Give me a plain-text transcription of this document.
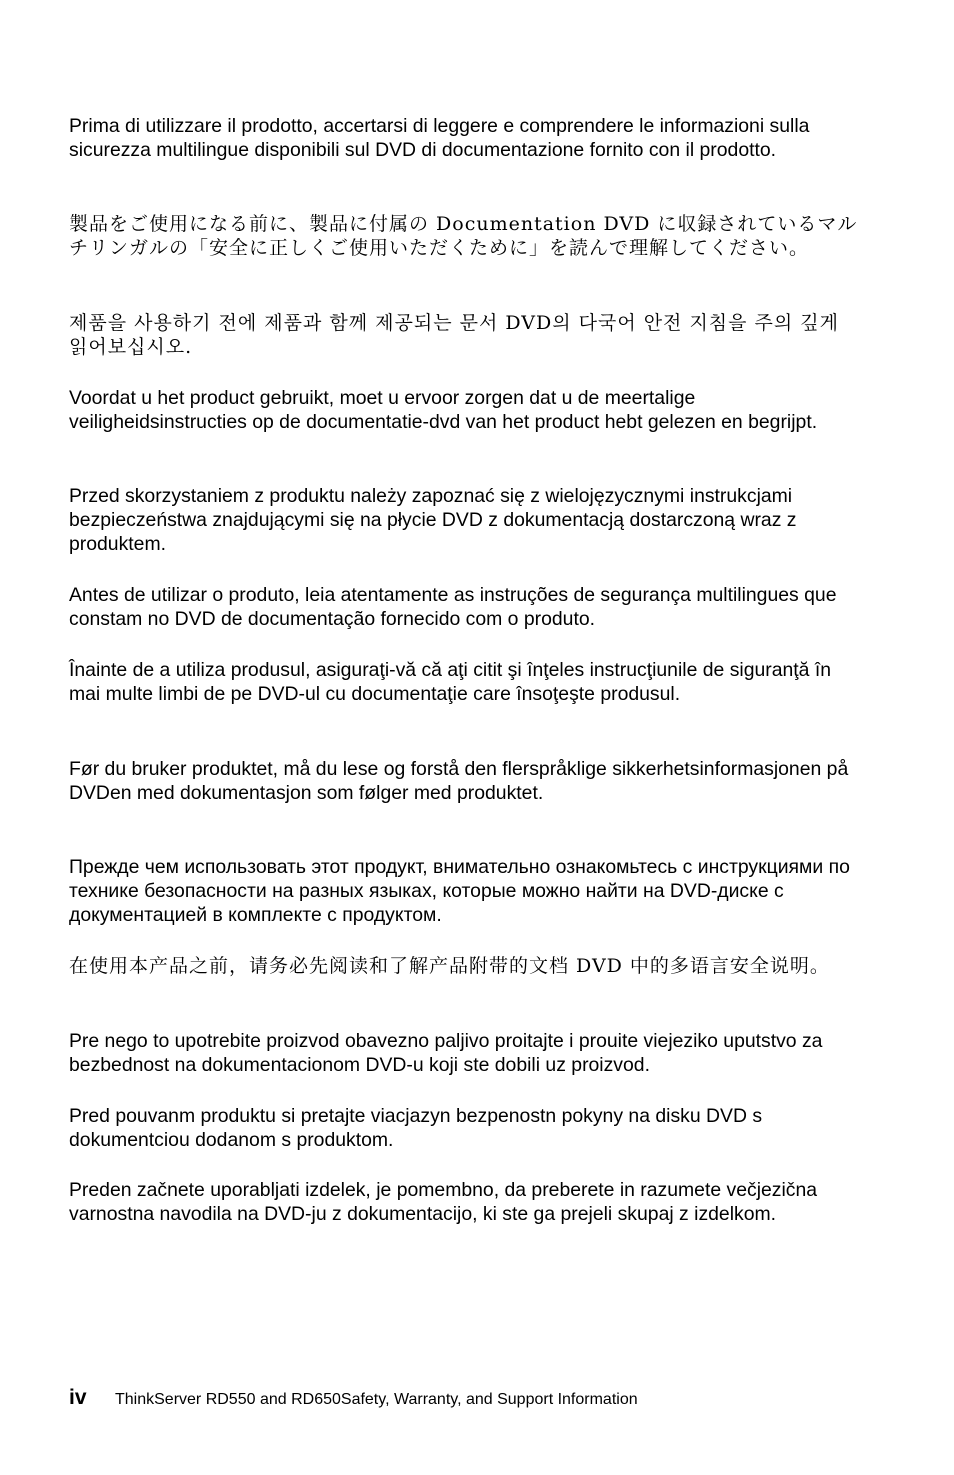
Prima di utilizzare il prodotto, accertarsi di leggere e comprendere le informazioni sulla sicurezza multilingue disponibili sul DVD di documentazione fornito con il prodotto.

製品をご使用になる前に、製品に付属の Documentation DVD に収録されているマルチリンガルの「安全に正しくご使用いただくために」を読んで理解してください。

제품을 사용하기 전에 제품과 함께 제공되는 문서 DVD의 다국어 안전 지침을 주의 깊게 읽어보십시오.

Voordat u het product gebruikt, moet u ervoor zorgen dat u de meertalige veiligheidsinstructies op de documentatie-dvd van het product hebt gelezen en begrijpt.

Przed skorzystaniem z produktu należy zapoznać się z wielojęzycznymi instrukcjami bezpieczeństwa znajdującymi się na płycie DVD z dokumentacją dostarczoną wraz z produktem.

Antes de utilizar o produto, leia atentamente as instruções de segurança multilingues que constam no DVD de documentação fornecido com o produto.

Înainte de a utiliza produsul, asiguraţi-vă că aţi citit şi înţeles instrucţiunile de siguranţă în mai multe limbi de pe DVD-ul cu documentaţie care însoţeşte produsul.

Før du bruker produktet, må du lese og forstå den flerspråklige sikkerhetsinformasjonen på DVDen med dokumentasjon som følger med produktet.

Прежде чем использовать этот продукт, внимательно ознакомьтесь с инструкциями по технике безопасности на разных языках, которые можно найти на DVD-диске с документацией в комплекте с продуктом.

在使用本产品之前，请务必先阅读和了解产品附带的文档 DVD 中的多语言安全说明。

Pre nego to upotrebite proizvod obavezno paljivo proitajte i prouite viejeziko uputstvo za bezbednost na dokumentacionom DVD-u koji ste dobili uz proizvod.

Pred pouvanm produktu si pretajte viacjazyn bezpenostn pokyny na disku DVD s dokumentciou dodanom s produktom.

Preden začnete uporabljati izdelek, je pomembno, da preberete in razumete večjezična varnostna navodila na DVD-ju z dokumentacijo, ki ste ga prejeli skupaj z izdelkom.

iv	ThinkServer RD550 and RD650Safety, Warranty, and Support Information
